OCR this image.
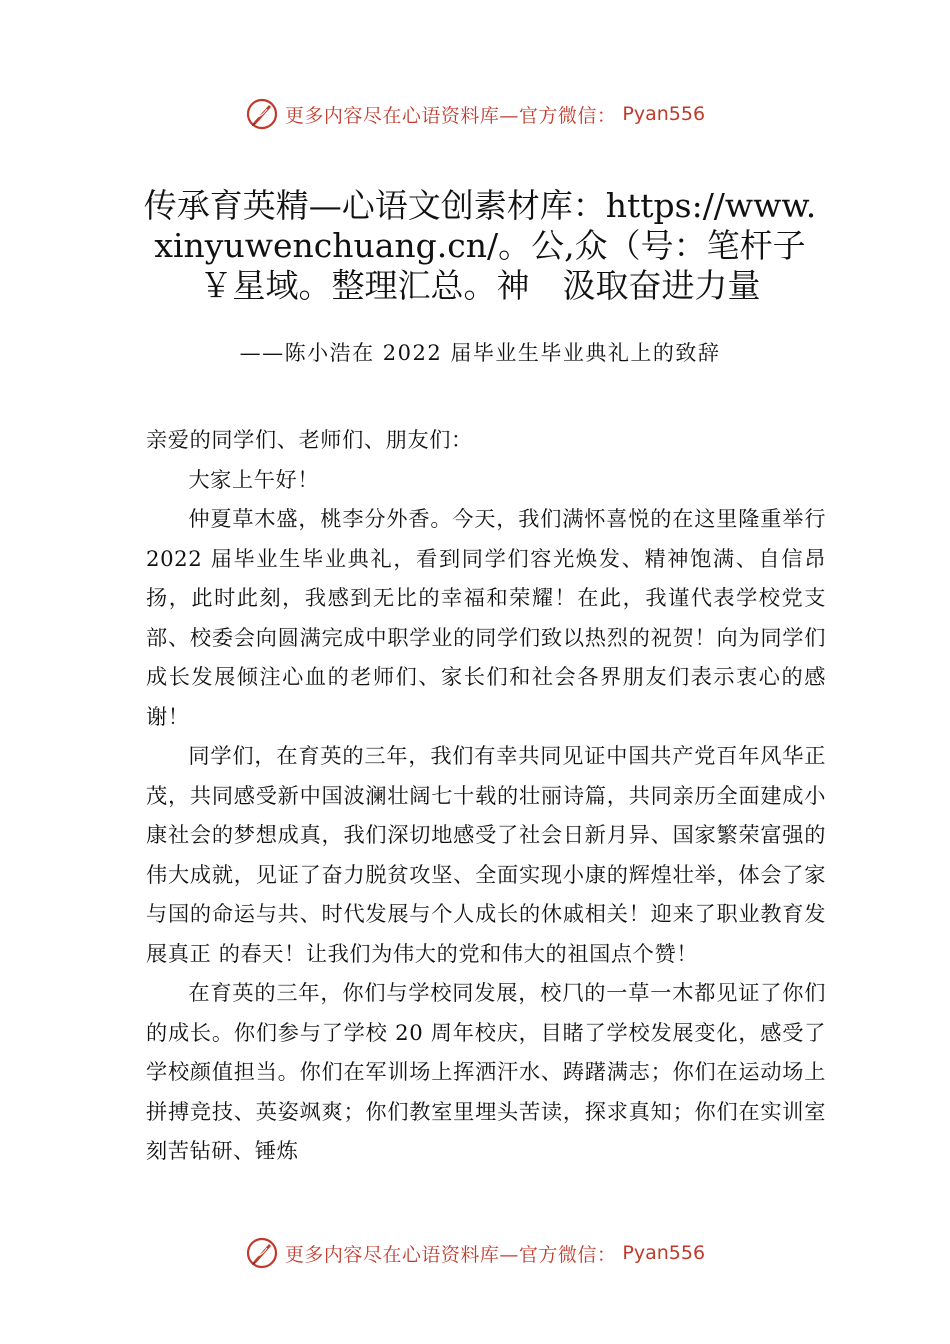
更多内容尽在心语资料库—官方微信： Pyan556
传承育英精—心语文创素材库：https://www.xinyuwenchuang.cn/。公,众（号：笔杆子￥星域。整理汇总。神　汲取奋进力量
——陈小浩在 2022 届毕业生毕业典礼上的致辞

亲爱的同学们、老师们、朋友们：

大家上午好！

仲夏草木盛，桃李分外香。今天，我们满怀喜悦的在这里隆重举行 2022 届毕业生毕业典礼，看到同学们容光焕发、精神饱满、自信昂扬，此时此刻，我感到无比的幸福和荣耀！在此，我谨代表学校党支部、校委会向圆满完成中职学业的同学们致以热烈的祝贺！向为同学们成长发展倾注心血的老师们、家长们和社会各界朋友们表示衷心的感谢！

同学们，在育英的三年，我们有幸共同见证中国共产党百年风华正茂，共同感受新中国波澜壮阔七十载的壮丽诗篇，共同亲历全面建成小康社会的梦想成真，我们深切地感受了社会日新月异、国家繁荣富强的伟大成就，见证了奋力脱贫攻坚、全面实现小康的辉煌壮举，体会了家与国的命运与共、时代发展与个人成长的休戚相关！迎来了职业教育发展真正 的春天！让我们为伟大的党和伟大的祖国点个赞！

在育英的三年，你们与学校同发展，校⺇的一草一木都见证了你们的成长。你们参与了学校 20 周年校庆，目睹了学校发展变化，感受了学校颜值担当。你们在军训场上挥洒汗水、踌躇满志；你们在运动场上拼搏竞技、英姿飒爽；你们教室里埋头苦读，探求真知；你们在实训室刻苦钻研、锤炼

更多内容尽在心语资料库—官方微信： Pyan556
